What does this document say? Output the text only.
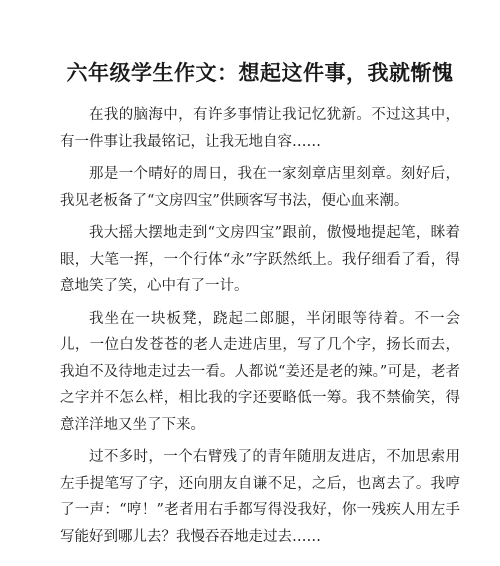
六年级学生作文：想起这件事，我就惭愧

在我的脑海中，有许多事情让我记忆犹新。不过这其中，有一件事让我最铭记，让我无地自容……

那是一个晴好的周日，我在一家刻章店里刻章。刻好后，我见老板备了“文房四宝”供顾客写书法，便心血来潮。

我大摇大摆地走到“文房四宝”跟前，傲慢地提起笔，眯着眼，大笔一挥，一个行体“永”字跃然纸上。我仔细看了看，得意地笑了笑，心中有了一计。

我坐在一块板凳，跷起二郎腿，半闭眼等待着。不一会儿，一位白发苍苍的老人走进店里，写了几个字，扬长而去，我迫不及待地走过去一看。人都说“姜还是老的辣。”可是，老者之字并不怎么样，相比我的字还要略低一筹。我不禁偷笑，得意洋洋地又坐了下来。

过不多时，一个右臂残了的青年随朋友进店，不加思索用左手提笔写了字，还向朋友自谦不足，之后，也离去了。我哼了一声：“哼！”老者用右手都写得没我好，你一残疾人用左手写能好到哪儿去？我慢吞吞地走过去……
